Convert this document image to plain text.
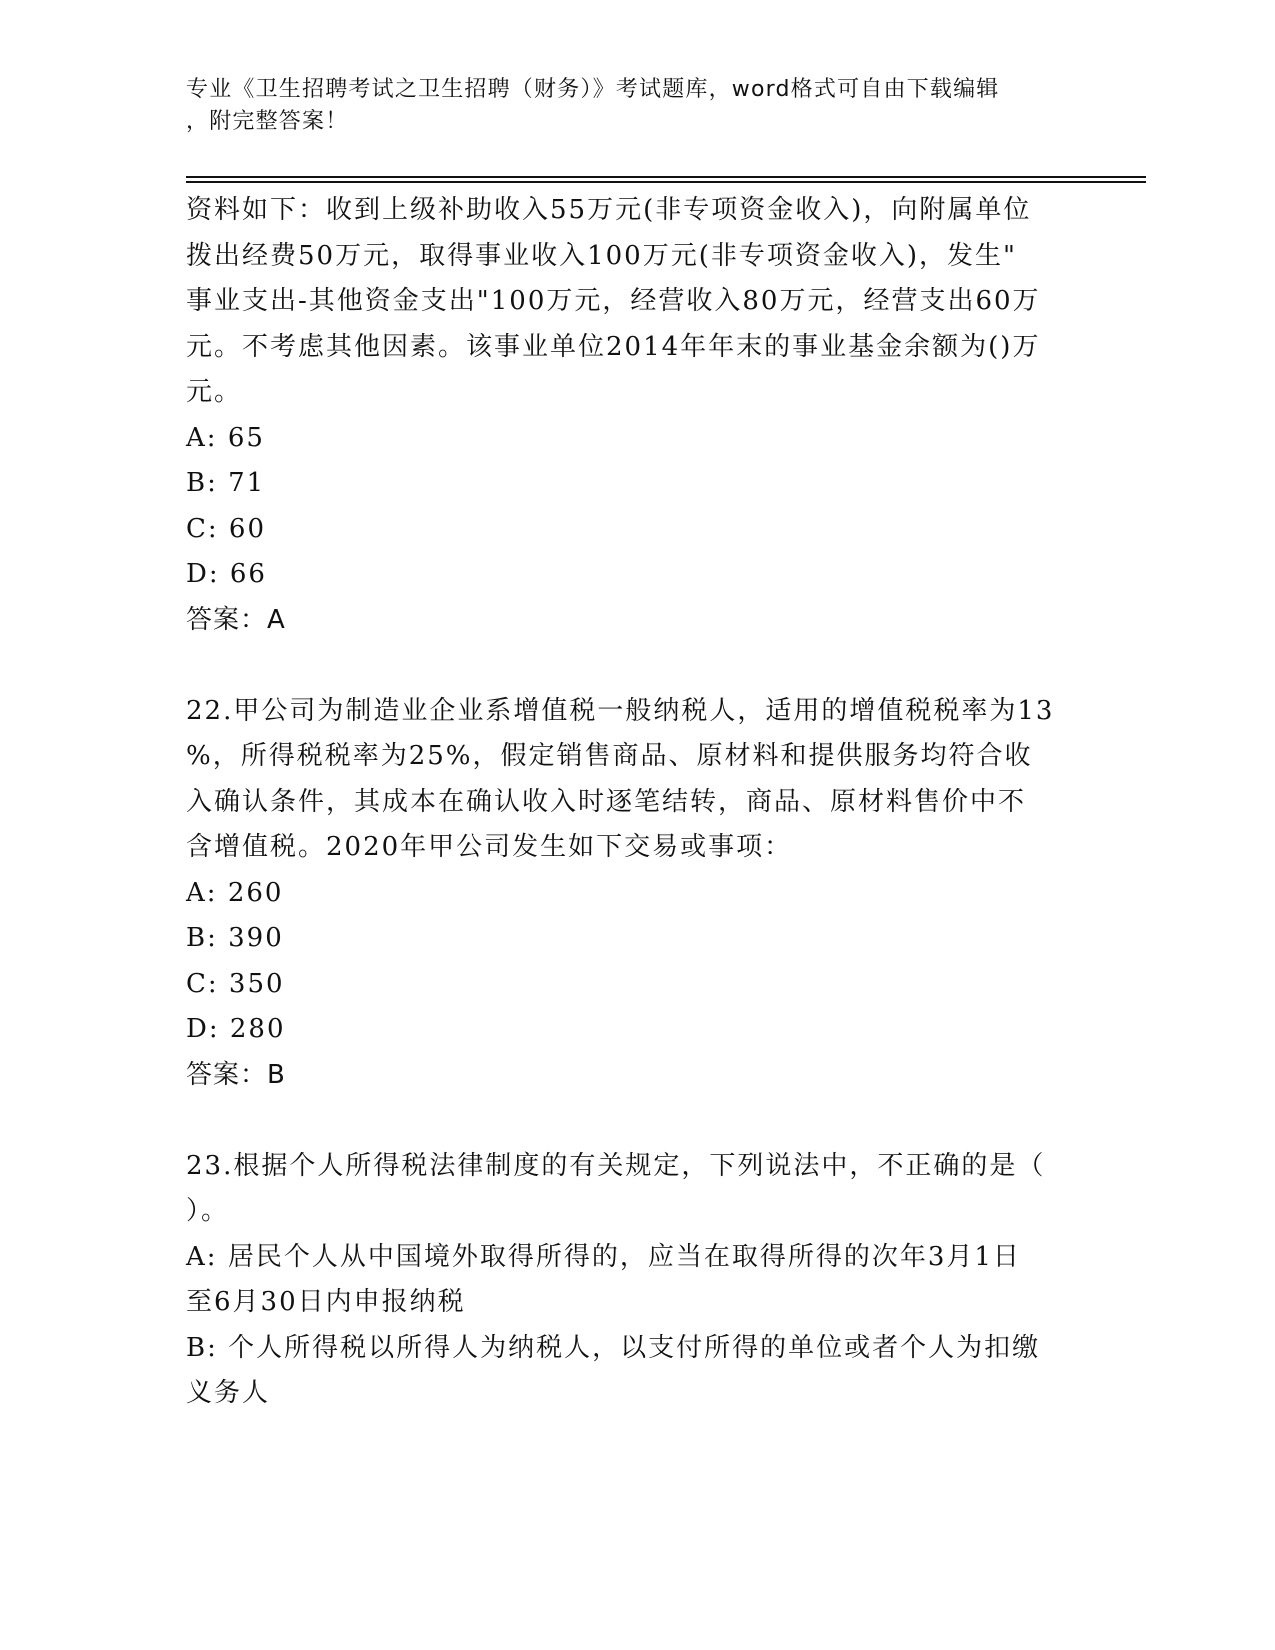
专业《卫生招聘考试之卫生招聘（财务）》考试题库，word格式可自由下载编辑
，附完整答案！

资料如下：收到上级补助收入55万元(非专项资金收入)，向附属单位

拨出经费50万元，取得事业收入100万元(非专项资金收入)，发生"

事业支出-其他资金支出"100万元，经营收入80万元，经营支出60万

元。不考虑其他因素。该事业单位2014年年末的事业基金余额为()万

元。

A: 65

B: 71

C: 60

D: 66

答案：A

22.甲公司为制造业企业系增值税一般纳税人，适用的增值税税率为13

%，所得税税率为25%，假定销售商品、原材料和提供服务均符合收

入确认条件，其成本在确认收入时逐笔结转，商品、原材料售价中不

含增值税。2020年甲公司发生如下交易或事项：

A: 260

B: 390

C: 350

D: 280

答案：B

23.根据个人所得税法律制度的有关规定，下列说法中，不正确的是（

）。

A: 居民个人从中国境外取得所得的，应当在取得所得的次年3月1日

至6月30日内申报纳税

B: 个人所得税以所得人为纳税人，以支付所得的单位或者个人为扣缴

义务人
